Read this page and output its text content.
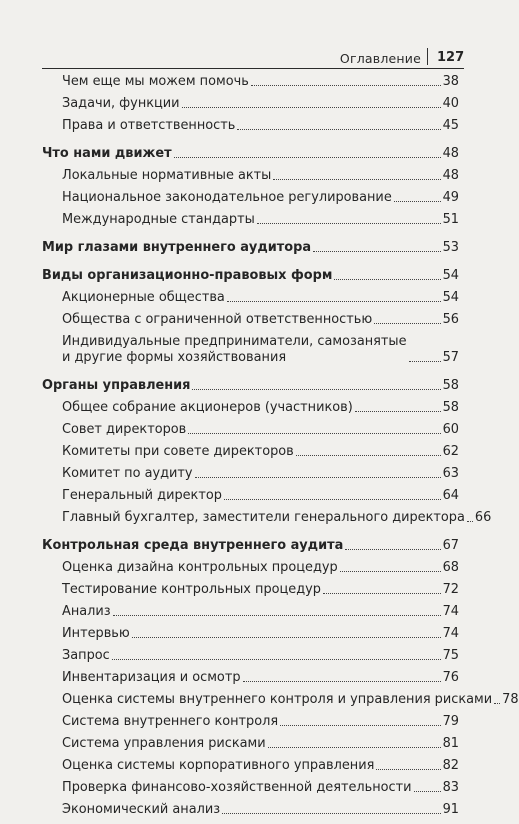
Оглавление 127
Чем еще мы можем помочь	38
Задачи, функции	40
Права и ответственность	45
Что нами движет	48
Локальные нормативные акты	48
Национальное законодательное регулирование	49
Международные стандарты	51
Мир глазами внутреннего аудитора	53
Виды организационно-правовых форм	54
Акционерные общества	54
Общества с ограниченной ответственностью	56
Индивидуальные предприниматели, самозанятые
и другие формы хозяйствования	57
Органы управления	58
Общее собрание акционеров (участников)	58
Совет директоров	60
Комитеты при совете директоров	62
Комитет по аудиту	63
Генеральный директор	64
Главный бухгалтер, заместители генерального директора 66
Контрольная среда внутреннего аудита	67
Оценка дизайна контрольных процедур	68
Тестирование контрольных процедур	72
Анализ	74
Интервью	74
Запрос	75
Инвентаризация и осмотр	76
Оценка системы внутреннего контроля и управления рисками 78
Система внутреннего контроля	79
Система управления рисками	81
Оценка системы корпоративного управления	82
Проверка финансово-хозяйственной деятельности 83
Экономический анализ	91
